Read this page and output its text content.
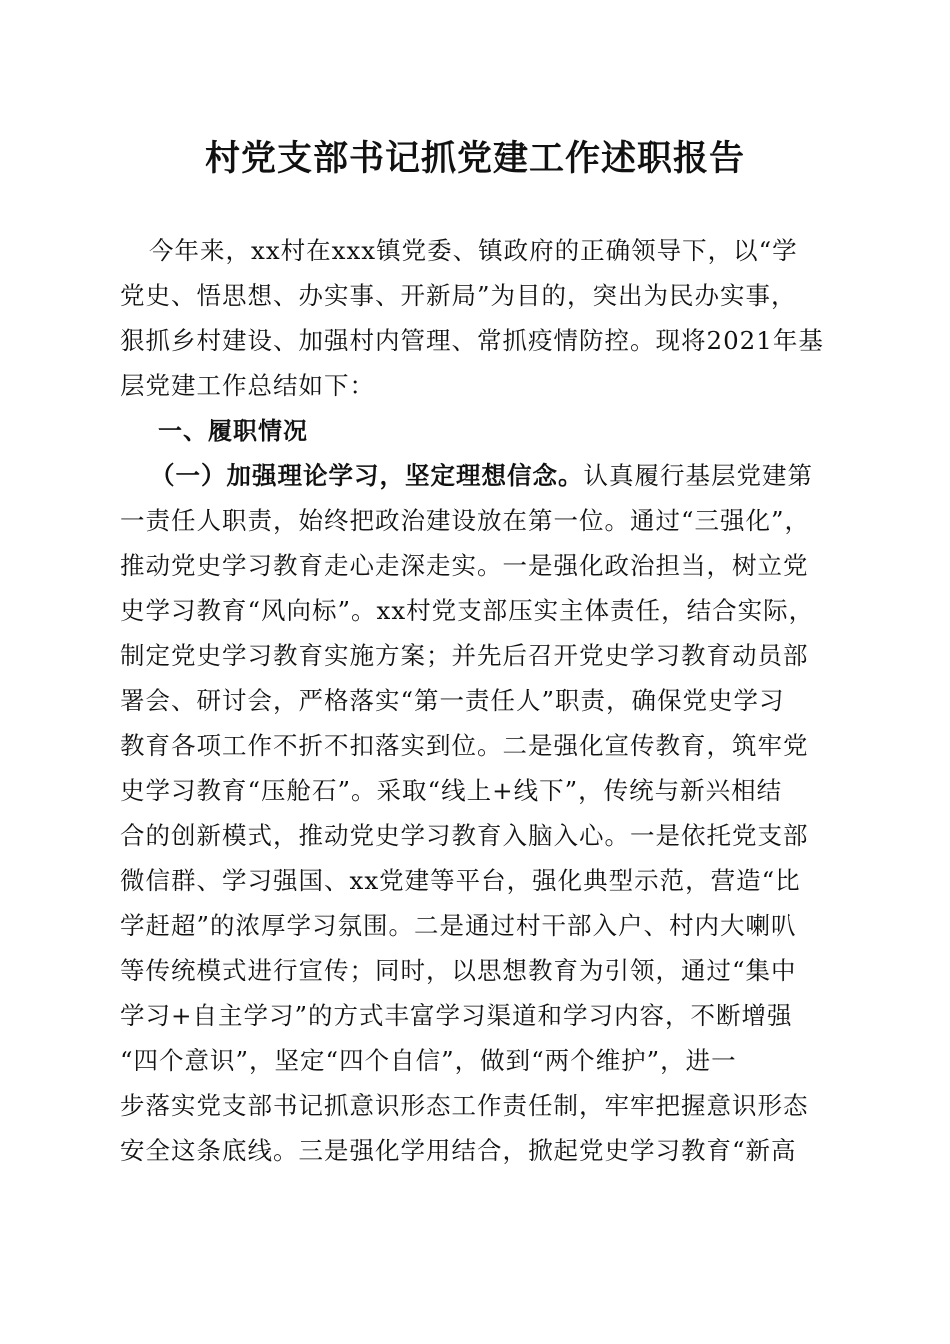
村党支部书记抓党建工作述职报告
今年来，xx村在xxx镇党委、镇政府的正确领导下，以“学
党史、悟思想、办实事、开新局”为目的，突出为民办实事，
狠抓乡村建设、加强村内管理、常抓疫情防控。现将2021年基
层党建工作总结如下：
一、履职情况
（一）加强理论学习，坚定理想信念。认真履行基层党建第
一责任人职责，始终把政治建设放在第一位。通过“三强化”，
推动党史学习教育走心走深走实。一是强化政治担当，树立党
史学习教育“风向标”。xx村党支部压实主体责任，结合实际，
制定党史学习教育实施方案；并先后召开党史学习教育动员部
署会、研讨会，严格落实“第一责任人”职责，确保党史学习
教育各项工作不折不扣落实到位。二是强化宣传教育，筑牢党
史学习教育“压舱石”。采取“线上+线下”，传统与新兴相结
合的创新模式，推动党史学习教育入脑入心。一是依托党支部
微信群、学习强国、xx党建等平台，强化典型示范，营造“比
学赶超”的浓厚学习氛围。二是通过村干部入户、村内大喇叭
等传统模式进行宣传；同时，以思想教育为引领，通过“集中
学习+自主学习”的方式丰富学习渠道和学习内容，不断增强
“四个意识”，坚定“四个自信”，做到“两个维护”，进一
步落实党支部书记抓意识形态工作责任制，牢牢把握意识形态
安全这条底线。三是强化学用结合，掀起党史学习教育“新高
